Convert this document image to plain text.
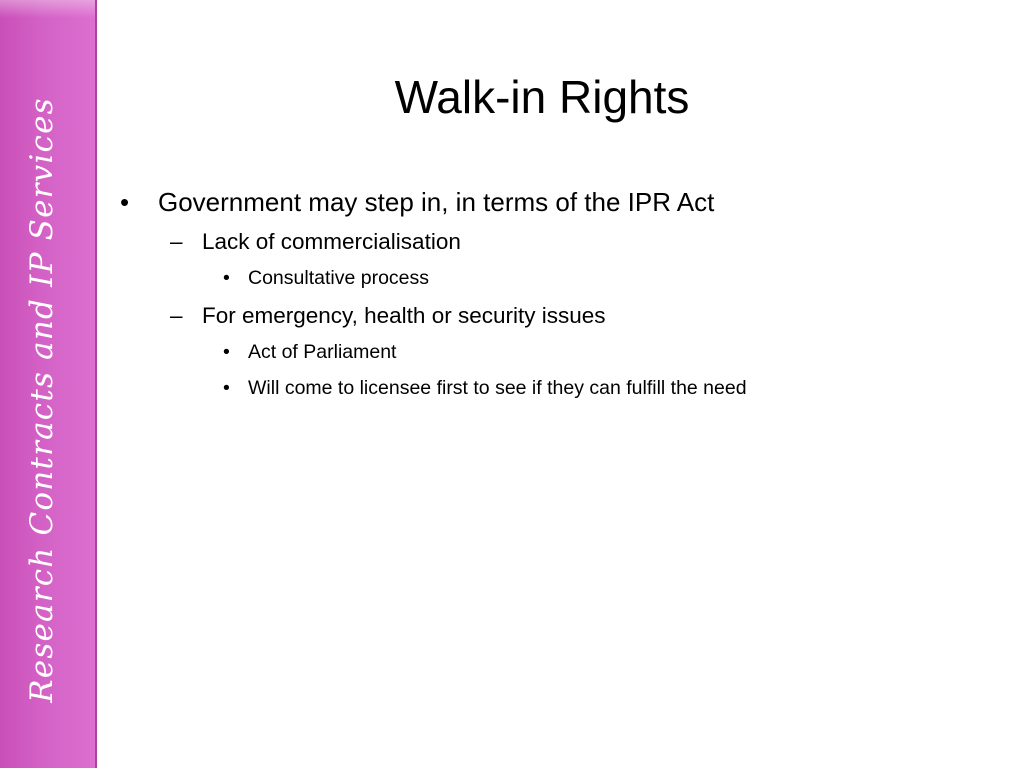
Research Contracts and IP Services
Walk-in Rights
• Government may step in, in terms of the IPR Act
– Lack of commercialisation
• Consultative process
– For emergency, health or security issues
• Act of Parliament
• Will come to licensee first to see if they can fulfill the need
